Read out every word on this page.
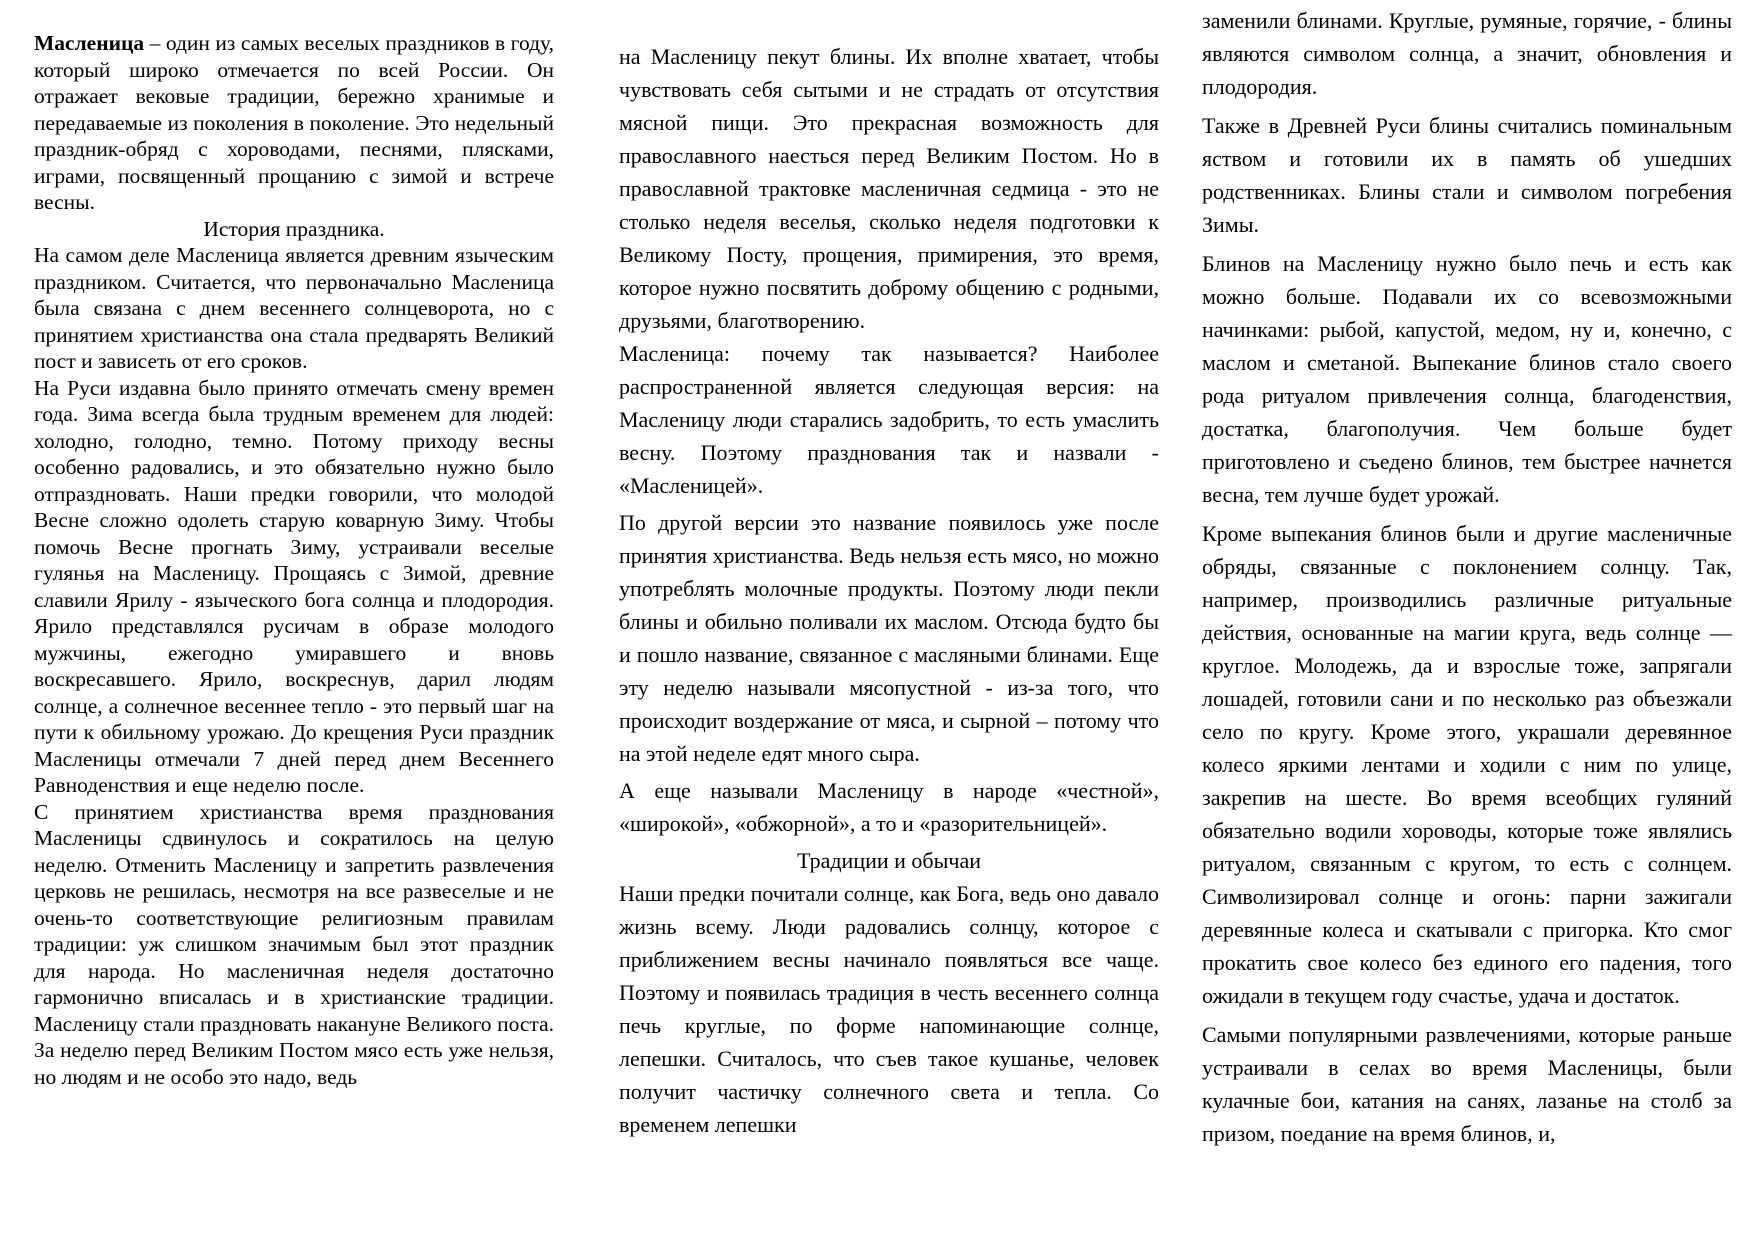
Масленица – один из самых веселых праздников в году, который широко отмечается по всей России. Он отражает вековые традиции, бережно хранимые и передаваемые из поколения в поколение. Это недельный праздник-обряд с хороводами, песнями, плясками, играми, посвященный прощанию с зимой и встрече весны.

История праздника.

На самом деле Масленица является древним языческим праздником. Считается, что первоначально Масленица была связана с днем весеннего солнцеворота, но с принятием христианства она стала предварять Великий пост и зависеть от его сроков.

На Руси издавна было принято отмечать смену времен года. Зима всегда была трудным временем для людей: холодно, голодно, темно. Потому приходу весны особенно радовались, и это обязательно нужно было отпраздновать. Наши предки говорили, что молодой Весне сложно одолеть старую коварную Зиму. Чтобы помочь Весне прогнать Зиму, устраивали веселые гулянья на Масленицу. Прощаясь с Зимой, древние славили Ярилу - языческого бога солнца и плодородия. Ярило представлялся русичам в образе молодого мужчины, ежегодно умиравшего и вновь воскресавшего. Ярило, воскреснув, дарил людям солнце, а солнечное весеннее тепло - это первый шаг на пути к обильному урожаю. До крещения Руси праздник Масленицы отмечали 7 дней перед днем Весеннего Равноденствия и еще неделю после.

С принятием христианства время празднования Масленицы сдвинулось и сократилось на целую неделю. Отменить Масленицу и запретить развлечения церковь не решилась, несмотря на все развеселые и не очень-то соответствующие религиозным правилам традиции: уж слишком значимым был этот праздник для народа. Но масленичная неделя достаточно гармонично вписалась и в христианские традиции. Масленицу стали праздновать накануне Великого поста. За неделю перед Великим Постом мясо есть уже нельзя, но людям и не особо это надо, ведь

на Масленицу пекут блины. Их вполне хватает, чтобы чувствовать себя сытыми и не страдать от отсутствия мясной пищи. Это прекрасная возможность для православного наесться перед Великим Постом. Но в православной трактовке масленичная седмица - это не столько неделя веселья, сколько неделя подготовки к Великому Посту, прощения, примирения, это время, которое нужно посвятить доброму общению с родными, друзьями, благотворению.

Масленица: почему так называется? Наиболее распространенной является следующая версия: на Масленицу люди старались задобрить, то есть умаслить весну. Поэтому празднования так и назвали - «Масленицей».

По другой версии это название появилось уже после принятия христианства. Ведь нельзя есть мясо, но можно употреблять молочные продукты. Поэтому люди пекли блины и обильно поливали их маслом. Отсюда будто бы и пошло название, связанное с масляными блинами. Еще эту неделю называли мясопустной - из-за того, что происходит воздержание от мяса, и сырной – потому что на этой неделе едят много сыра.

А еще называли Масленицу в народе «честной», «широкой», «обжорной», а то и «разорительницей».

Традиции и обычаи

Наши предки почитали солнце, как Бога, ведь оно давало жизнь всему. Люди радовались солнцу, которое с приближением весны начинало появляться все чаще. Поэтому и появилась традиция в честь весеннего солнца печь круглые, по форме напоминающие солнце, лепешки. Считалось, что съев такое кушанье, человек получит частичку солнечного света и тепла. Со временем лепешки

заменили блинами. Круглые, румяные, горячие, - блины являются символом солнца, а значит, обновления и плодородия.

Также в Древней Руси блины считались поминальным яством и готовили их в память об ушедших родственниках. Блины стали и символом погребения Зимы.

Блинов на Масленицу нужно было печь и есть как можно больше. Подавали их со всевозможными начинками: рыбой, капустой, медом, ну и, конечно, с маслом и сметаной. Выпекание блинов стало своего рода ритуалом привлечения солнца, благоденствия, достатка, благополучия. Чем больше будет приготовлено и съедено блинов, тем быстрее начнется весна, тем лучше будет урожай.

Кроме выпекания блинов были и другие масленичные обряды, связанные с поклонением солнцу. Так, например, производились различные ритуальные действия, основанные на магии круга, ведь солнце — круглое. Молодежь, да и взрослые тоже, запрягали лошадей, готовили сани и по несколько раз объезжали село по кругу. Кроме этого, украшали деревянное колесо яркими лентами и ходили с ним по улице, закрепив на шесте. Во время всеобщих гуляний обязательно водили хороводы, которые тоже являлись ритуалом, связанным с кругом, то есть с солнцем. Символизировал солнце и огонь: парни зажигали деревянные колеса и скатывали с пригорка. Кто смог прокатить свое колесо без единого его падения, того ожидали в текущем году счастье, удача и достаток.

Самыми популярными развлечениями, которые раньше устраивали в селах во время Масленицы, были кулачные бои, катания на санях, лазанье на столб за призом, поедание на время блинов, и,
